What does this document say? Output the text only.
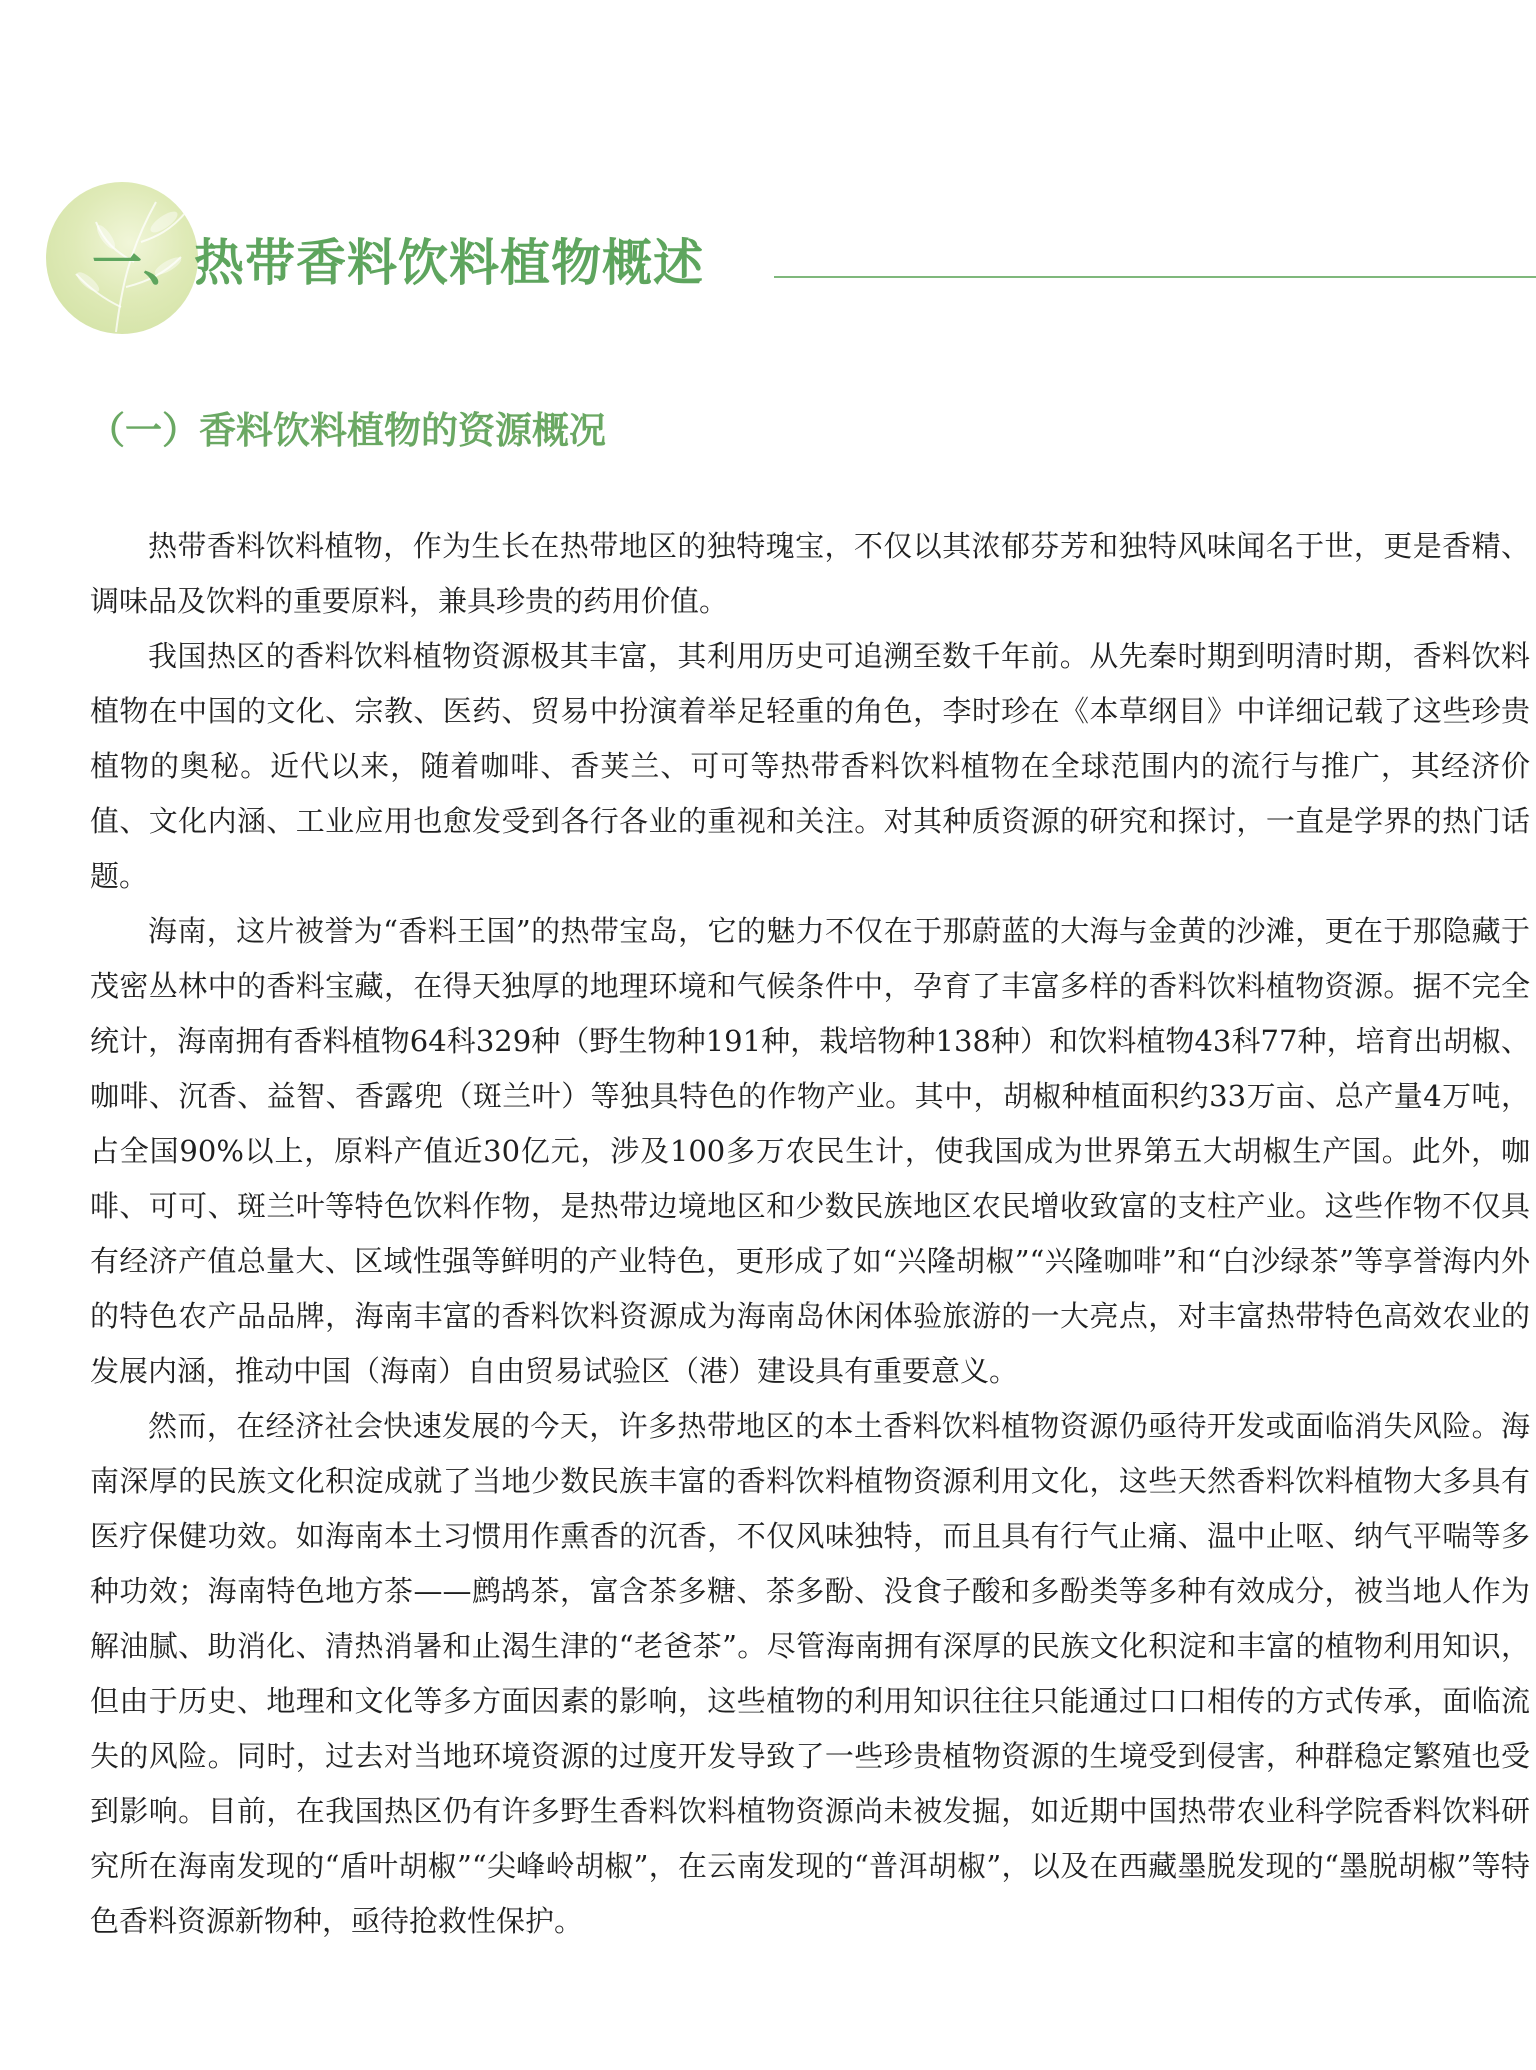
一、热带香料饮料植物概述
（一）香料饮料植物的资源概况

热带香料饮料植物，作为生长在热带地区的独特瑰宝，不仅以其浓郁芬芳和独特风味闻名于世，更是香精、调味品及饮料的重要原料，兼具珍贵的药用价值。

我国热区的香料饮料植物资源极其丰富，其利用历史可追溯至数千年前。从先秦时期到明清时期，香料饮料植物在中国的文化、宗教、医药、贸易中扮演着举足轻重的角色，李时珍在《本草纲目》中详细记载了这些珍贵植物的奥秘。近代以来，随着咖啡、香荚兰、可可等热带香料饮料植物在全球范围内的流行与推广，其经济价值、文化内涵、工业应用也愈发受到各行各业的重视和关注。对其种质资源的研究和探讨，一直是学界的热门话题。

海南，这片被誉为“香料王国”的热带宝岛，它的魅力不仅在于那蔚蓝的大海与金黄的沙滩，更在于那隐藏于茂密丛林中的香料宝藏，在得天独厚的地理环境和气候条件中，孕育了丰富多样的香料饮料植物资源。据不完全统计，海南拥有香料植物64科329种（野生物种191种，栽培物种138种）和饮料植物43科77种，培育出胡椒、咖啡、沉香、益智、香露兜（斑兰叶）等独具特色的作物产业。其中，胡椒种植面积约33万亩、总产量4万吨，占全国90%以上，原料产值近30亿元，涉及100多万农民生计，使我国成为世界第五大胡椒生产国。此外，咖啡、可可、斑兰叶等特色饮料作物，是热带边境地区和少数民族地区农民增收致富的支柱产业。这些作物不仅具有经济产值总量大、区域性强等鲜明的产业特色，更形成了如“兴隆胡椒”“兴隆咖啡”和“白沙绿茶”等享誉海内外的特色农产品品牌，海南丰富的香料饮料资源成为海南岛休闲体验旅游的一大亮点，对丰富热带特色高效农业的发展内涵，推动中国（海南）自由贸易试验区（港）建设具有重要意义。

然而，在经济社会快速发展的今天，许多热带地区的本土香料饮料植物资源仍亟待开发或面临消失风险。海南深厚的民族文化积淀成就了当地少数民族丰富的香料饮料植物资源利用文化，这些天然香料饮料植物大多具有医疗保健功效。如海南本土习惯用作熏香的沉香，不仅风味独特，而且具有行气止痛、温中止呕、纳气平喘等多种功效；海南特色地方茶——鹧鸪茶，富含茶多糖、茶多酚、没食子酸和多酚类等多种有效成分，被当地人作为解油腻、助消化、清热消暑和止渴生津的“老爸茶”。尽管海南拥有深厚的民族文化积淀和丰富的植物利用知识，但由于历史、地理和文化等多方面因素的影响，这些植物的利用知识往往只能通过口口相传的方式传承，面临流失的风险。同时，过去对当地环境资源的过度开发导致了一些珍贵植物资源的生境受到侵害，种群稳定繁殖也受到影响。目前，在我国热区仍有许多野生香料饮料植物资源尚未被发掘，如近期中国热带农业科学院香料饮料研究所在海南发现的“盾叶胡椒”“尖峰岭胡椒”，在云南发现的“普洱胡椒”，以及在西藏墨脱发现的“墨脱胡椒”等特色香料资源新物种，亟待抢救性保护。
